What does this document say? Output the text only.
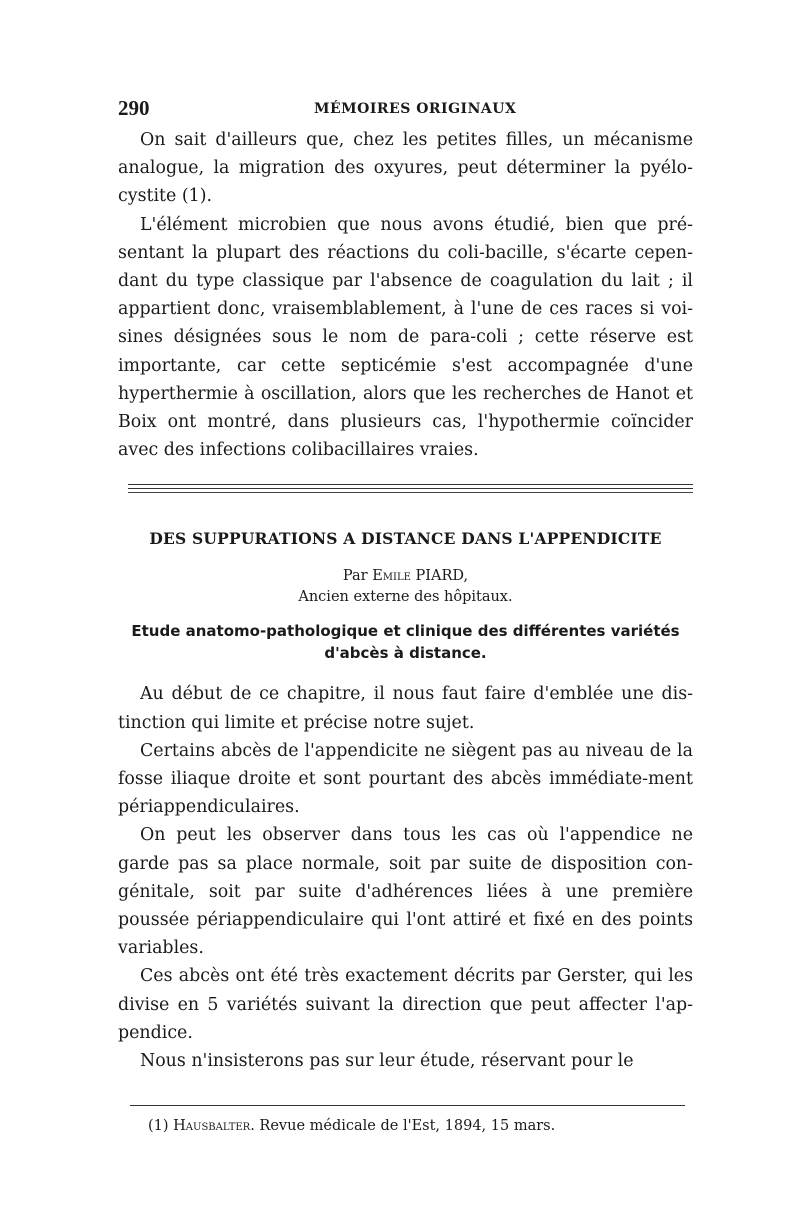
290	MÉMOIRES ORIGINAUX

On sait d'ailleurs que, chez les petites filles, un mécanisme analogue, la migration des oxyures, peut déterminer la pyélo-cystite (1).

L'élément microbien que nous avons étudié, bien que pré-sentant la plupart des réactions du coli-bacille, s'écarte cepen-dant du type classique par l'absence de coagulation du lait ; il appartient donc, vraisemblablement, à l'une de ces races si voi-sines désignées sous le nom de para-coli ; cette réserve est importante, car cette septicémie s'est accompagnée d'une hyperthermie à oscillation, alors que les recherches de Hanot et Boix ont montré, dans plusieurs cas, l'hypothermie coïncider avec des infections colibacillaires vraies.

DES SUPPURATIONS A DISTANCE DANS L'APPENDICITE
Par Emile PIARD,
Ancien externe des hôpitaux.
Etude anatomo-pathologique et clinique des différentes variétés
d'abcès à distance.

Au début de ce chapitre, il nous faut faire d'emblée une dis-tinction qui limite et précise notre sujet.

Certains abcès de l'appendicite ne siègent pas au niveau de la fosse iliaque droite et sont pourtant des abcès immédiate-ment périappendiculaires.

On peut les observer dans tous les cas où l'appendice ne garde pas sa place normale, soit par suite de disposition con-génitale, soit par suite d'adhérences liées à une première poussée périappendiculaire qui l'ont attiré et fixé en des points variables.

Ces abcès ont été très exactement décrits par Gerster, qui les divise en 5 variétés suivant la direction que peut affecter l'ap-pendice.

Nous n'insisterons pas sur leur étude, réservant pour le

(1) Hausbalter. Revue médicale de l'Est, 1894, 15 mars.
